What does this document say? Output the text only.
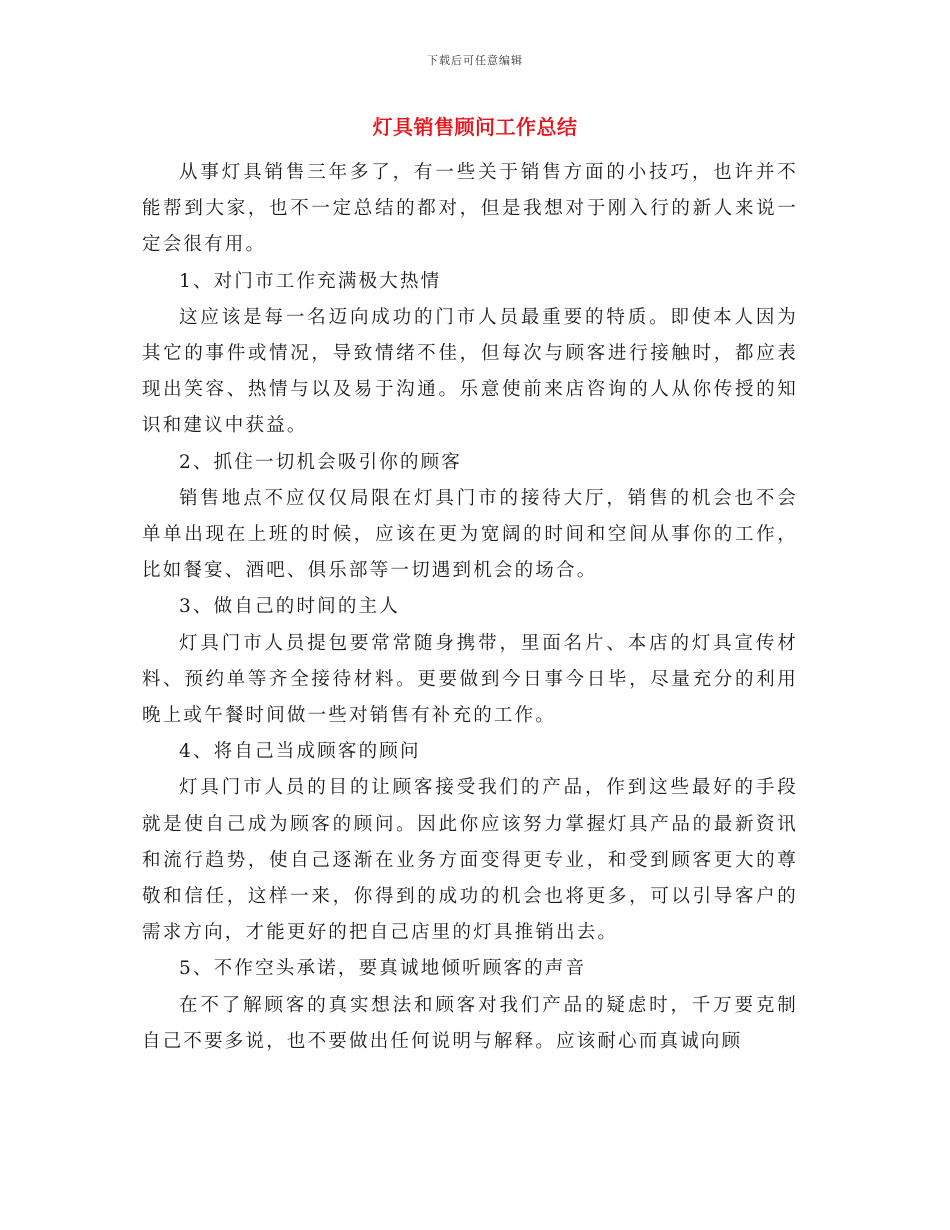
下载后可任意编辑
灯具销售顾问工作总结

从事灯具销售三年多了，有一些关于销售方面的小技巧，也许并不能帮到大家，也不一定总结的都对，但是我想对于刚入行的新人来说一定会很有用。

1、对门市工作充满极大热情

这应该是每一名迈向成功的门市人员最重要的特质。即使本人因为其它的事件或情况，导致情绪不佳，但每次与顾客进行接触时，都应表现出笑容、热情与以及易于沟通。乐意使前来店咨询的人从你传授的知识和建议中获益。

2、抓住一切机会吸引你的顾客

销售地点不应仅仅局限在灯具门市的接待大厅，销售的机会也不会单单出现在上班的时候，应该在更为宽阔的时间和空间从事你的工作，比如餐宴、酒吧、俱乐部等一切遇到机会的场合。

3、做自己的时间的主人

灯具门市人员提包要常常随身携带，里面名片、本店的灯具宣传材料、预约单等齐全接待材料。更要做到今日事今日毕，尽量充分的利用晚上或午餐时间做一些对销售有补充的工作。

4、将自己当成顾客的顾问

灯具门市人员的目的让顾客接受我们的产品，作到这些最好的手段就是使自己成为顾客的顾问。因此你应该努力掌握灯具产品的最新资讯和流行趋势，使自己逐渐在业务方面变得更专业，和受到顾客更大的尊敬和信任，这样一来，你得到的成功的机会也将更多，可以引导客户的需求方向，才能更好的把自己店里的灯具推销出去。

5、不作空头承诺，要真诚地倾听顾客的声音

在不了解顾客的真实想法和顾客对我们产品的疑虑时，千万要克制自己不要多说，也不要做出任何说明与解释。应该耐心而真诚向顾
